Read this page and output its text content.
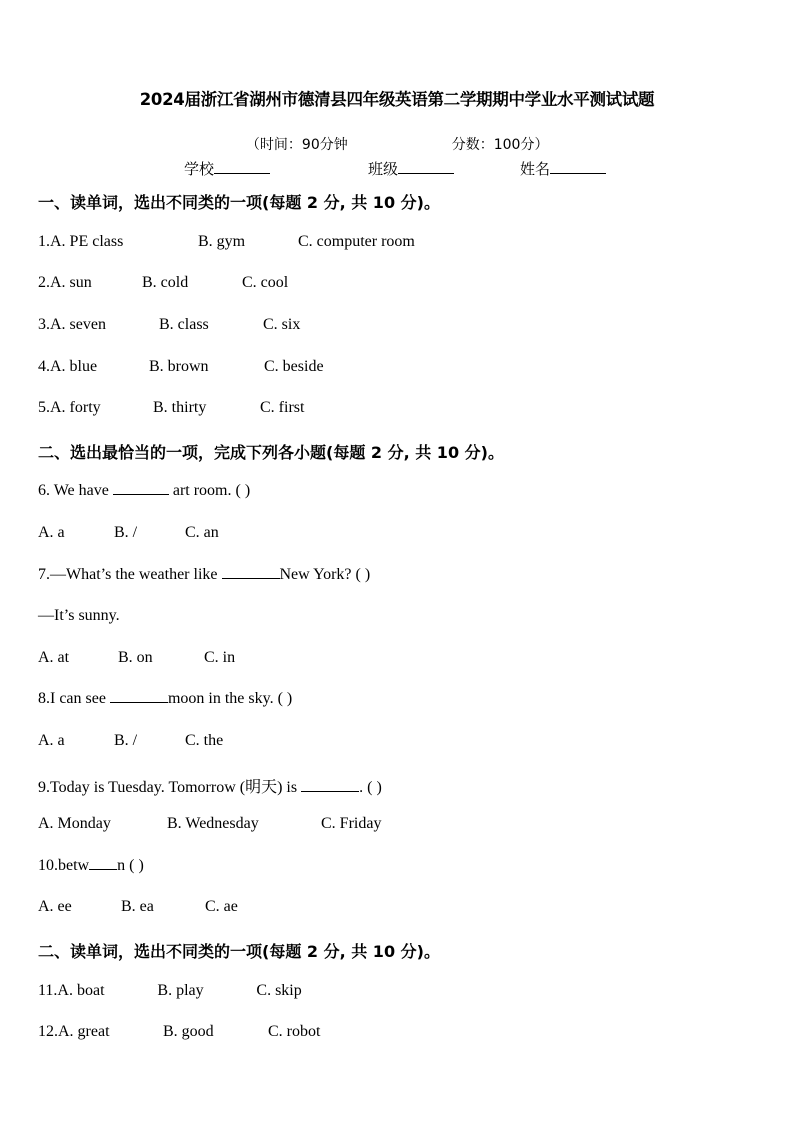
2024届浙江省湖州市德清县四年级英语第二学期期中学业水平测试试题

（时间：90分钟	分数：100分）

学校	班级	姓名
一、读单词，选出不同类的一项(每题 2 分, 共 10 分)。
1.A. PE class	B. gym	C. computer room
2.A. sun	B. cold	C. cool
3.A. seven	B. class	C. six
4.A. blue	B. brown	C. beside
5.A. forty	B. thirty	C. first
二、选出最恰当的一项，完成下列各小题(每题 2 分, 共 10 分)。
6. We have	art room. ( )
A. a	B. /	C. an
7.—What’s the weather like	New York? ( )
—It’s sunny.
A. at	B. on	C. in
8.I can see	moon in the sky. ( )
A. a	B. /	C. the
9.Today is Tuesday. Tomorrow (明天) is	. ( )
A. Monday	B. Wednesday	C. Friday
10.betw n ( )
A. ee	B. ea	C. ae
二、读单词，选出不同类的一项(每题 2 分, 共 10 分)。
11.A. boat	B. play	C. skip
12.A. great	B. good	C. robot
